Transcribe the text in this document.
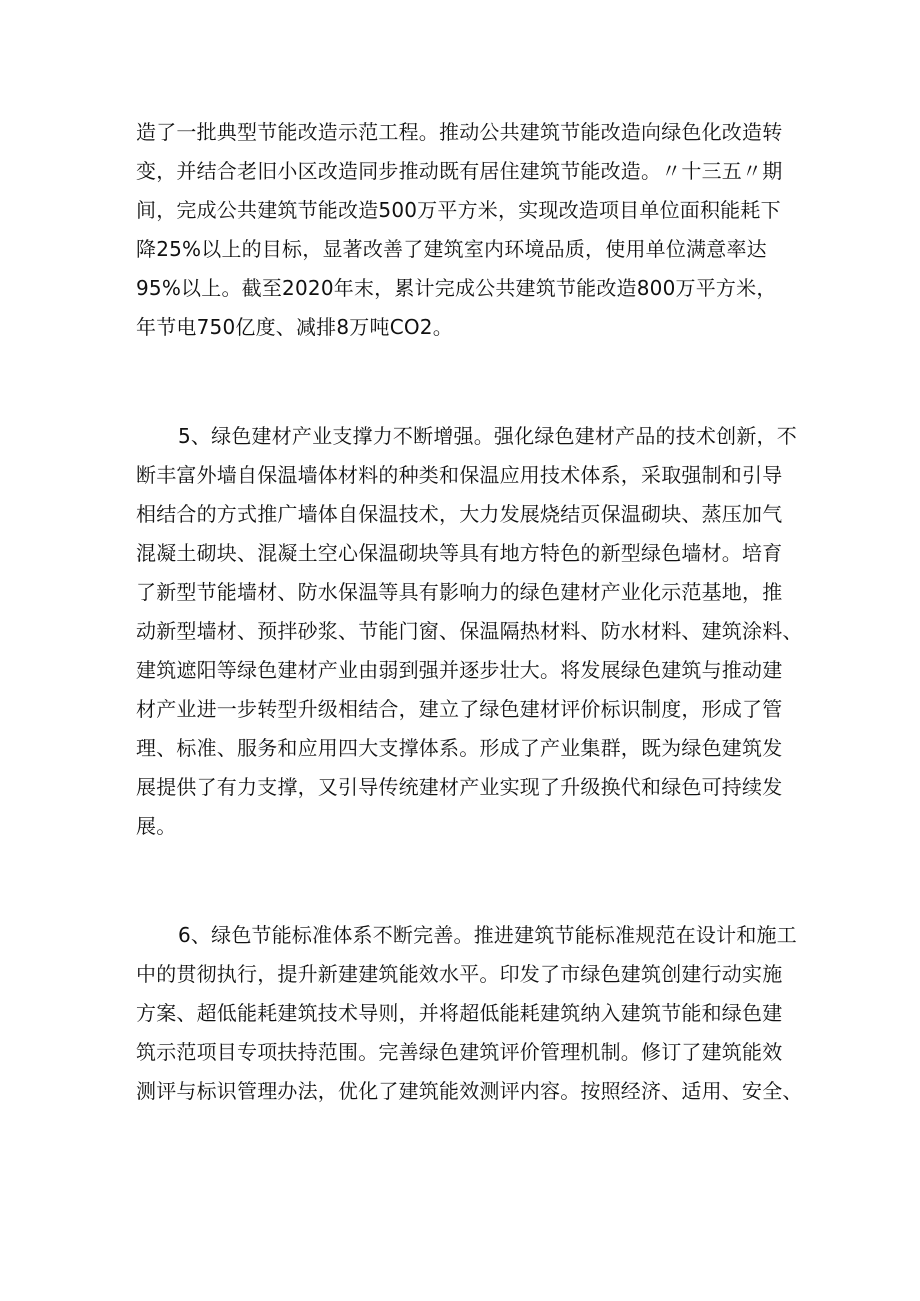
造了一批典型节能改造示范工程。推动公共建筑节能改造向绿色化改造转
变，并结合老旧小区改造同步推动既有居住建筑节能改造。〃十三五〃期
间，完成公共建筑节能改造500万平方米，实现改造项目单位面积能耗下
降25%以上的目标，显著改善了建筑室内环境品质，使用单位满意率达
95%以上。截至2020年末，累计完成公共建筑节能改造800万平方米，
年节电750亿度、减排8万吨CO2。
5、绿色建材产业支撑力不断增强。强化绿色建材产品的技术创新，不
断丰富外墙自保温墙体材料的种类和保温应用技术体系，采取强制和引导
相结合的方式推广墙体自保温技术，大力发展烧结页保温砌块、蒸压加气
混凝土砌块、混凝土空心保温砌块等具有地方特色的新型绿色墙材。培育
了新型节能墙材、防水保温等具有影响力的绿色建材产业化示范基地，推
动新型墙材、预拌砂浆、节能门窗、保温隔热材料、防水材料、建筑涂料、
建筑遮阳等绿色建材产业由弱到强并逐步壮大。将发展绿色建筑与推动建
材产业进一步转型升级相结合，建立了绿色建材评价标识制度，形成了管
理、标准、服务和应用四大支撑体系。形成了产业集群，既为绿色建筑发
展提供了有力支撑，又引导传统建材产业实现了升级换代和绿色可持续发
展。
6、绿色节能标准体系不断完善。推进建筑节能标准规范在设计和施工
中的贯彻执行，提升新建建筑能效水平。印发了市绿色建筑创建行动实施
方案、超低能耗建筑技术导则，并将超低能耗建筑纳入建筑节能和绿色建
筑示范项目专项扶持范围。完善绿色建筑评价管理机制。修订了建筑能效
测评与标识管理办法，优化了建筑能效测评内容。按照经济、适用、安全、
